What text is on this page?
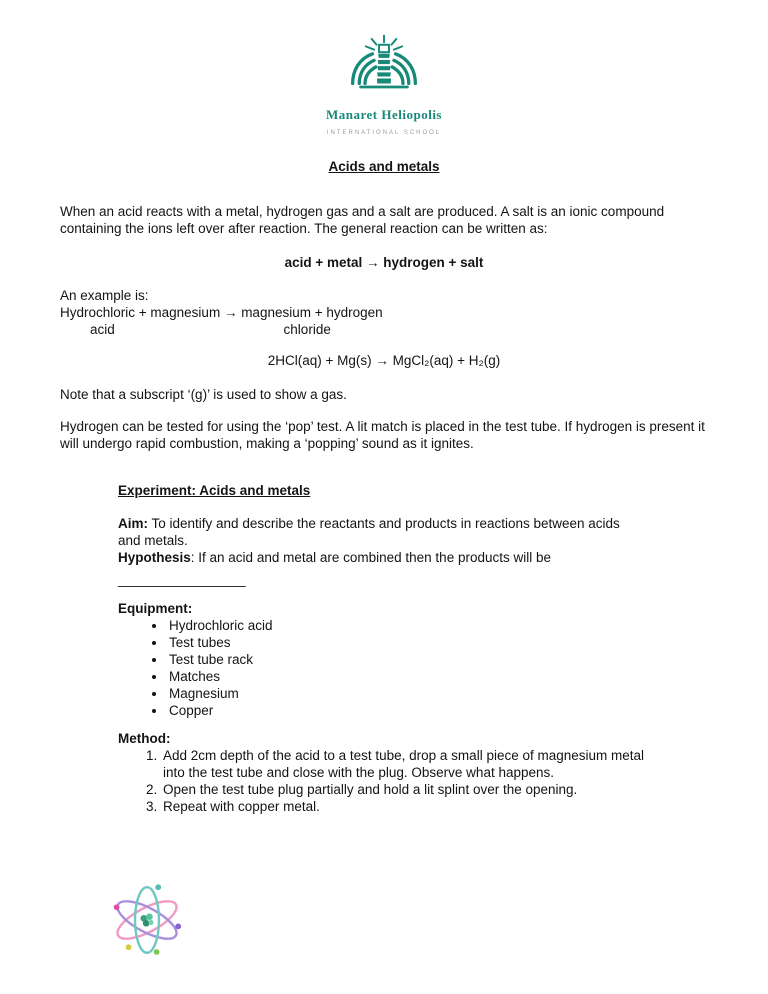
Manaret Heliopolis
INTERNATIONAL SCHOOL

Acids and metals

When an acid reacts with a metal, hydrogen gas and a salt are produced. A salt is an ionic compound containing the ions left over after reaction. The general reaction can be written as:

acid + metal → hydrogen + salt

An example is:

Hydrochloric + magnesium → magnesium + hydrogen

acid                                             chloride

2HCl(aq) + Mg(s) → MgCl₂(aq) + H₂(g)

Note that a subscript ‘(g)’ is used to show a gas.

Hydrogen can be tested for using the ‘pop’ test. A lit match is placed in the test tube. If hydrogen is present it will undergo rapid combustion, making a ‘popping’ sound as it ignites.

Experiment: Acids and metals

Aim: To identify and describe the reactants and products in reactions between acids and metals.

Hypothesis: If an acid and metal are combined then the products will be

_________________

Equipment:

• Hydrochloric acid
• Test tubes
• Test tube rack
• Matches
• Magnesium
• Copper

Method:

1. Add 2cm depth of the acid to a test tube, drop a small piece of magnesium metal into the test tube and close with the plug. Observe what happens.
2. Open the test tube plug partially and hold a lit splint over the opening.
3. Repeat with copper metal.
